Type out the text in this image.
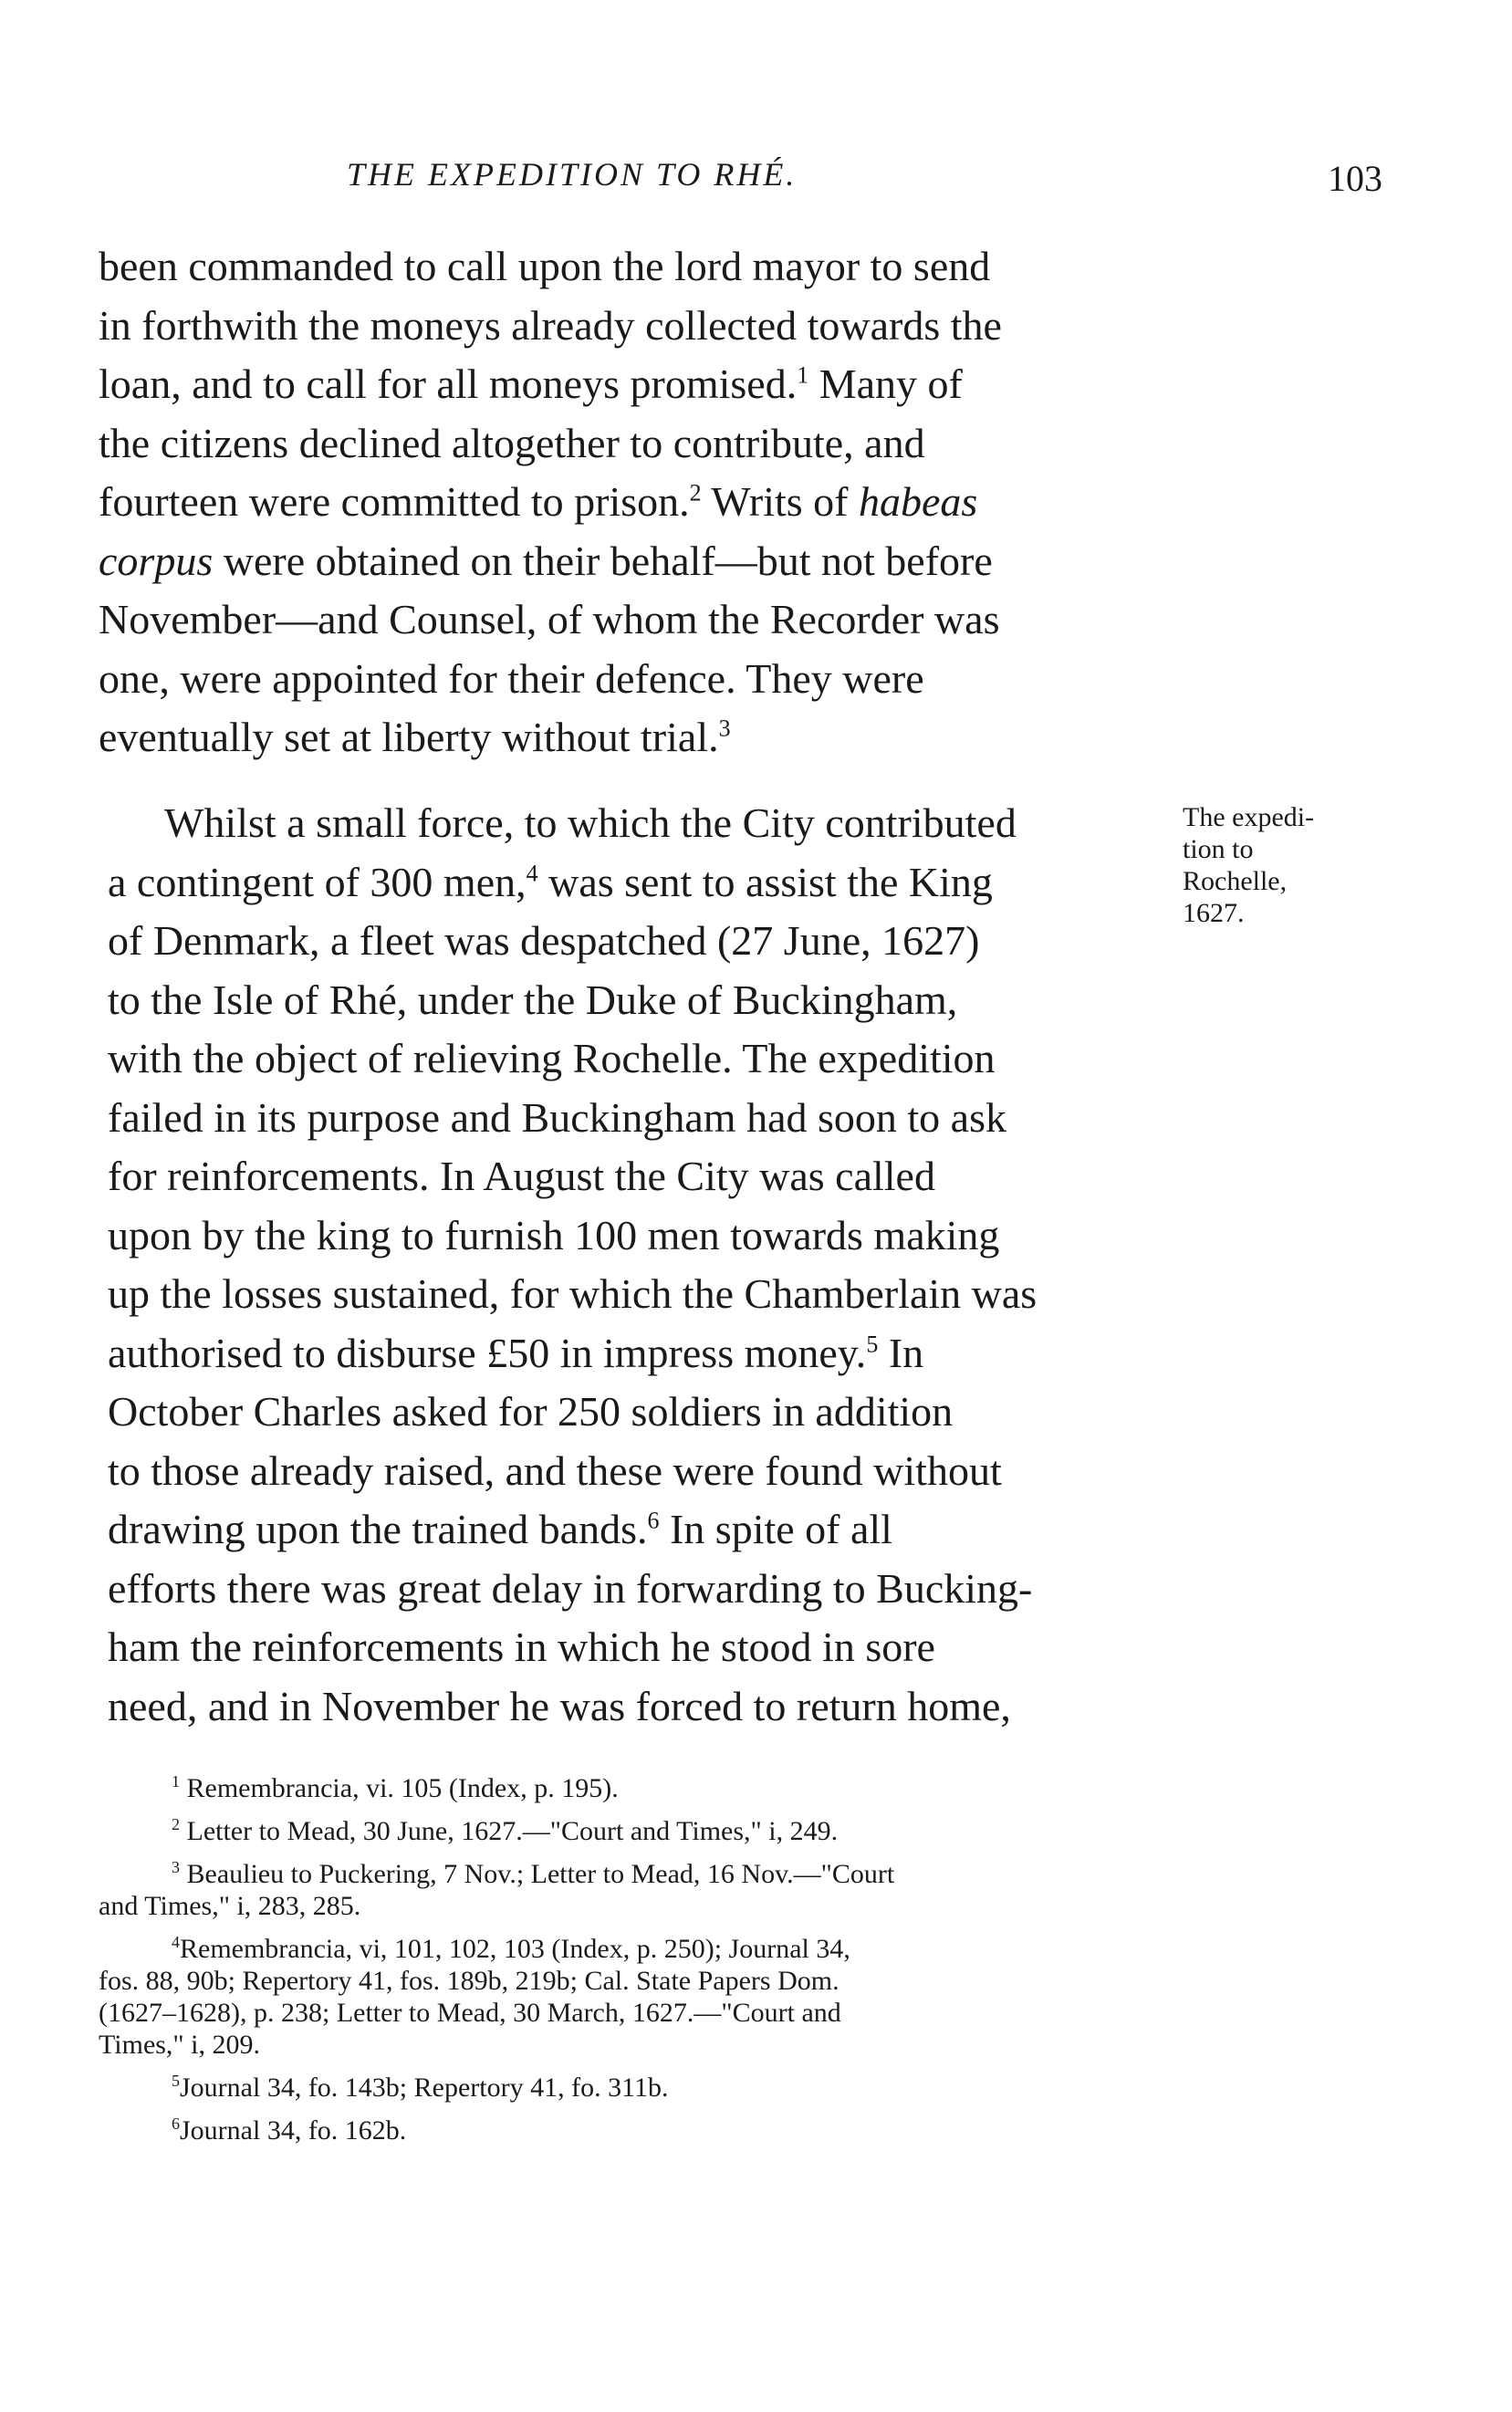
THE EXPEDITION TO RHÉ.	103
been commanded to call upon the lord mayor to send
in forthwith the moneys already collected towards the
loan, and to call for all moneys promised.$^1$ Many of
the citizens declined altogether to contribute, and
fourteen were committed to prison.$^2$ Writs of habeas
corpus were obtained on their behalf—but not before
November—and Counsel, of whom the Recorder was
one, were appointed for their defence. They were
eventually set at liberty without trial.$^3$
Whilst a small force, to which the City contributed
a contingent of 300 men,$^4$ was sent to assist the King
of Denmark, a fleet was despatched (27 June, 1627)
to the Isle of Rhé, under the Duke of Buckingham,
with the object of relieving Rochelle. The expedition
failed in its purpose and Buckingham had soon to ask
for reinforcements. In August the City was called
upon by the king to furnish 100 men towards making
up the losses sustained, for which the Chamberlain was
authorised to disburse £50 in impress money.$^5$ In
October Charles asked for 250 soldiers in addition
to those already raised, and these were found without
drawing upon the trained bands.$^6$ In spite of all
efforts there was great delay in forwarding to Bucking-
ham the reinforcements in which he stood in sore
need, and in November he was forced to return home,
The expedi-
tion to
Rochelle,
1627.
$^1$ Remembrancia, vi. 105 (Index, p. 195).
$^2$ Letter to Mead, 30 June, 1627.—"Court and Times," i, 249.
$^3$ Beaulieu to Puckering, 7 Nov.; Letter to Mead, 16 Nov.—"Court
and Times," i, 283, 285.
$^4$Remembrancia, vi, 101, 102, 103 (Index, p. 250); Journal 34,
fos. 88, 90b; Repertory 41, fos. 189b, 219b; Cal. State Papers Dom.
(1627–1628), p. 238; Letter to Mead, 30 March, 1627.—"Court and
Times," i, 209.
$^5$Journal 34, fo. 143b; Repertory 41, fo. 311b.
$^6$Journal 34, fo. 162b.
